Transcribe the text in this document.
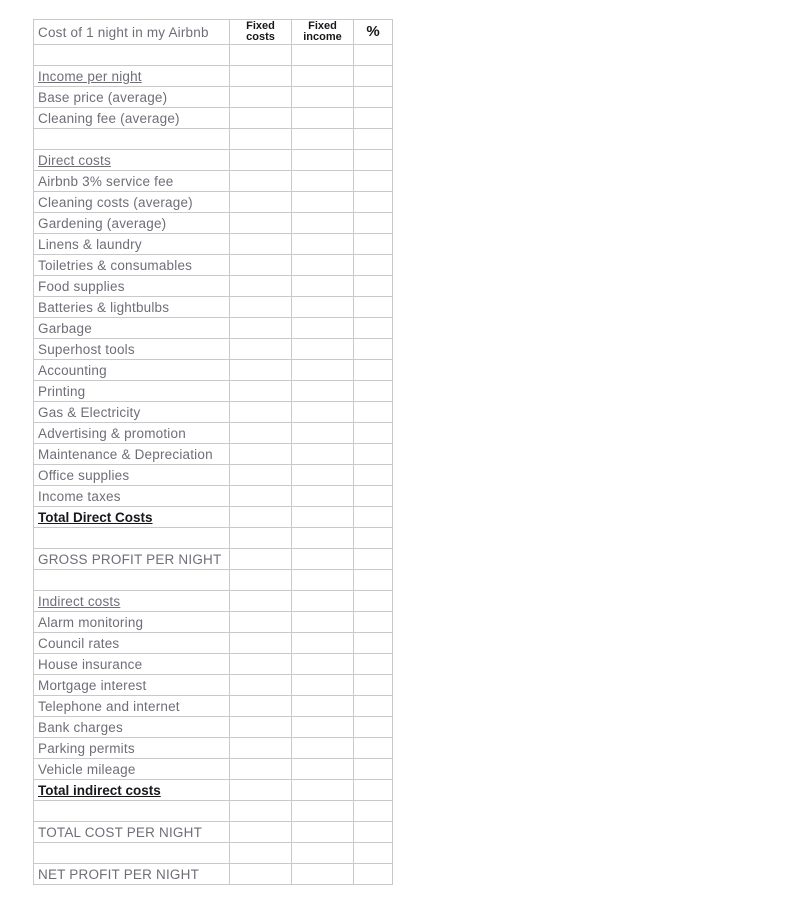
Cost of 1 night in my Airbnb	Fixed costs	Fixed income	%

Income per night			
Base price (average)			
Cleaning fee (average)			

Direct costs			
Airbnb 3% service fee			
Cleaning costs (average)			
Gardening (average)			
Linens & laundry			
Toiletries & consumables			
Food supplies			
Batteries & lightbulbs			
Garbage			
Superhost tools			
Accounting			
Printing			
Gas & Electricity			
Advertising & promotion			
Maintenance & Depreciation			
Office supplies			
Income taxes			
Total Direct Costs			

GROSS PROFIT PER NIGHT			

Indirect costs			
Alarm monitoring			
Council rates			
House insurance			
Mortgage interest			
Telephone and internet			
Bank charges			
Parking permits			
Vehicle mileage			
Total indirect costs			

TOTAL COST PER NIGHT			

NET PROFIT PER NIGHT			
